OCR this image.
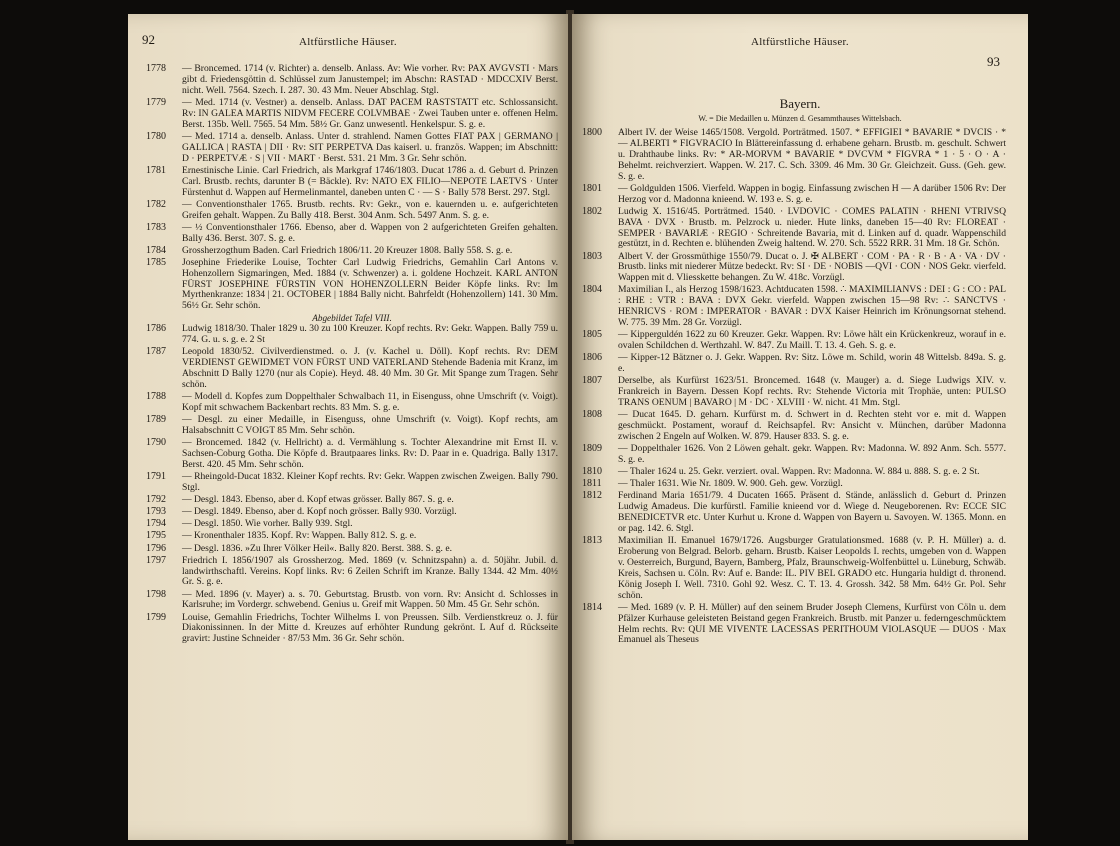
92	Altfürstliche Häuser.
1778	— Broncemed. 1714 (v. Richter) a. denselb. Anlass. Av: Wie vorher. Rv: PAX AVGVSTI · Mars gibt d. Friedensgöttin d. Schlüssel zum Janustempel; im Abschn: RASTAD · MDCCXIV Berst. nicht. Well. 7564. Szech. I. 287. 30. 43 Mm. Neuer Abschlag. Stgl.
1779	— Med. 1714 (v. Vestner) a. denselb. Anlass. DAT PACEM RASTSTATT etc. Schlossansicht. Rv: IN GALEA MARTIS NIDVM FECERE COLVMBAE · Zwei Tauben unter e. offenen Helm. Berst. 135b. Well. 7565. 54 Mm. 58½ Gr. Ganz unwesentl. Henkelspur. S. g. e.
1780	— Med. 1714 a. denselb. Anlass. Unter d. strahlend. Namen Gottes FIAT PAX | GERMANO | GALLICA | RASTA | DII · Rv: SIT PERPETVA Das kaiserl. u. französ. Wappen; im Abschnitt: D · PERPETVÆ · S | VII · MART · Berst. 531. 21 Mm. 3 Gr. Sehr schön.
1781	Ernestinische Linie. Carl Friedrich, als Markgraf 1746/1803. Ducat 1786 a. d. Geburt d. Prinzen Carl. Brustb. rechts, darunter B (= Bäckle). Rv: NATO EX FILIO—NEPOTE LAETVS · Unter Fürstenhut d. Wappen auf Hermelinmantel, daneben unten C · — S · Bally 578 Berst. 297. Stgl.
1782	— Conventionsthaler 1765. Brustb. rechts. Rv: Gekr., von e. kauernden u. e. aufgerichteten Greifen gehalt. Wappen. Zu Bally 418. Berst. 304 Anm. Sch. 5497 Anm. S. g. e.
1783	— ½ Conventionsthaler 1766. Ebenso, aber d. Wappen von 2 aufgerichteten Greifen gehalten. Bally 436. Berst. 307. S. g. e.
1784	Grossherzogthum Baden. Carl Friedrich 1806/11. 20 Kreuzer 1808. Bally 558. S. g. e.
1785	Josephine Friederike Louise, Tochter Carl Ludwig Friedrichs, Gemahlin Carl Antons v. Hohenzollern Sigmaringen, Med. 1884 (v. Schwenzer) a. i. goldene Hochzeit. KARL ANTON FÜRST JOSEPHINE FÜRSTIN VON HOHENZOLLERN Beider Köpfe links. Rv: Im Myrthenkranze: 1834 | 21. OCTOBER | 1884 Bally nicht. Bahrfeldt (Hohenzollern) 141. 30 Mm. 56½ Gr. Sehr schön.
Abgebildet Tafel VIII.
1786	Ludwig 1818/30. Thaler 1829 u. 30 zu 100 Kreuzer. Kopf rechts. Rv: Gekr. Wappen. Bally 759 u. 774. G. u. s. g. e. 2 St
1787	Leopold 1830/52. Civilverdienstmed. o. J. (v. Kachel u. Döll). Kopf rechts. Rv: DEM VERDIENST GEWIDMET VON FÜRST UND VATERLAND Stehende Badenia mit Kranz, im Abschnitt D Bally 1270 (nur als Copie). Heyd. 48. 40 Mm. 30 Gr. Mit Spange zum Tragen. Sehr schön.
1788	— Modell d. Kopfes zum Doppelthaler Schwalbach 11, in Eisenguss, ohne Umschrift (v. Voigt). Kopf mit schwachem Backenbart rechts. 83 Mm. S. g. e.
1789	— Desgl. zu einer Medaille, in Eisenguss, ohne Umschrift (v. Voigt). Kopf rechts, am Halsabschnitt C VOIGT 85 Mm. Sehr schön.
1790	— Broncemed. 1842 (v. Hellricht) a. d. Vermählung s. Tochter Alexandrine mit Ernst II. v. Sachsen-Coburg Gotha. Die Köpfe d. Brautpaares links. Rv: D. Paar in e. Quadriga. Bally 1317. Berst. 420. 45 Mm. Sehr schön.
1791	— Rheingold-Ducat 1832. Kleiner Kopf rechts. Rv: Gekr. Wappen zwischen Zweigen. Bally 790. Stgl.
1792	— Desgl. 1843. Ebenso, aber d. Kopf etwas grösser. Bally 867. S. g. e.
1793	— Desgl. 1849. Ebenso, aber d. Kopf noch grösser. Bally 930. Vorzügl.
1794	— Desgl. 1850. Wie vorher. Bally 939. Stgl.
1795	— Kronenthaler 1835. Kopf. Rv: Wappen. Bally 812. S. g. e.
1796	— Desgl. 1836. »Zu Ihrer Völker Heil«. Bally 820. Berst. 388. S. g. e.
1797	Friedrich I. 1856/1907 als Grossherzog. Med. 1869 (v. Schnitzspahn) a. d. 50jähr. Jubil. d. landwirthschaftl. Vereins. Kopf links. Rv: 6 Zeilen Schrift im Kranze. Bally 1344. 42 Mm. 40½ Gr. S. g. e.
1798	— Med. 1896 (v. Mayer) a. s. 70. Geburtstag. Brustb. von vorn. Rv: Ansicht d. Schlosses in Karlsruhe; im Vordergr. schwebend. Genius u. Greif mit Wappen. 50 Mm. 45 Gr. Sehr schön.
1799	Louise, Gemahlin Friedrichs, Tochter Wilhelms I. von Preussen. Silb. Verdienstkreuz o. J. für Diakonissinnen. In der Mitte d. Kreuzes auf erhöhter Rundung gekrönt. L Auf d. Rückseite gravirt: Justine Schneider · 87/53 Mm. 36 Gr. Sehr schön.
Altfürstliche Häuser.
93
Bayern.
W. = Die Medaillen u. Münzen d. Gesammthauses Wittelsbach.
1800	Albert IV. der Weise 1465/1508. Vergold. Porträtmed. 1507. * EFFIGIEI * BAVARIE * DVCIS · * — ALBERTI * FIGVRACIO In Blättereinfassung d. erhabene geharn. Brustb. m. geschult. Schwert u. Drahthaube links. Rv: * AR-MORVM * BAVARIE * DVCVM * FIGVRA * 1 · 5 · O · A · Behelmt. reichverziert. Wappen. W. 217. C. Sch. 3309. 46 Mm. 30 Gr. Gleichzeit. Guss. (Geh. gew. S. g. e.
1801	— Goldgulden 1506. Vierfeld. Wappen in bogig. Einfassung zwischen H — A darüber 1506 Rv: Der Herzog vor d. Madonna knieend. W. 193 e. S. g. e.
1802	Ludwig X. 1516/45. Porträtmed. 1540. · LVDOVIC · COMES PALATIN · RHENI VTRIVSQ BAVA · DVX · Brustb. m. Pelzrock u. nieder. Hute links, daneben 15—40 Rv: FLOREAT · SEMPER · BAVARIÆ · REGIO · Schreitende Bavaria, mit d. Linken auf d. quadr. Wappenschild gestützt, in d. Rechten e. blühenden Zweig haltend. W. 270. Sch. 5522 RRR. 31 Mm. 18 Gr. Schön.
1803	Albert V. der Grossmüthige 1550/79. Ducat o. J. ✠ ALBERT · COM · PA · R · B · A · VA · DV · Brustb. links mit niederer Mütze bedeckt. Rv: SI · DE · NOBIS —QVI · CON · NOS Gekr. vierfeld. Wappen mit d. Vliesskette behangen. Zu W. 418c. Vorzügl.
1804	Maximilian I., als Herzog 1598/1623. Achtducaten 1598. ∴ MAXIMILIANVS : DEI : G : CO : PAL : RHE : VTR : BAVA : DVX Gekr. vierfeld. Wappen zwischen 15—98 Rv: ∴ SANCTVS · HENRICVS · ROM : IMPERATOR · BAVAR : DVX Kaiser Heinrich im Krönungsornat stehend. W. 775. 39 Mm. 28 Gr. Vorzügl.
1805	— Kipperguldén 1622 zu 60 Kreuzer. Gekr. Wappen. Rv: Löwe hält ein Krückenkreuz, worauf in e. ovalen Schildchen d. Werthzahl. W. 847. Zu Maill. T. 13. 4. Geh. S. g. e.
1806	— Kipper-12 Bätzner o. J. Gekr. Wappen. Rv: Sitz. Löwe m. Schild, worin 48 Wittelsb. 849a. S. g. e.
1807	Derselbe, als Kurfürst 1623/51. Broncemed. 1648 (v. Mauger) a. d. Siege Ludwigs XIV. v. Frankreich in Bayern. Dessen Kopf rechts. Rv: Stehende Victoria mit Trophäe, unten: PULSO TRANS OENUM | BAVARO | M · DC · XLVIII · W. nicht. 41 Mm. Stgl.
1808	— Ducat 1645. D. geharn. Kurfürst m. d. Schwert in d. Rechten steht vor e. mit d. Wappen geschmückt. Postament, worauf d. Reichsapfel. Rv: Ansicht v. München, darüber Madonna zwischen 2 Engeln auf Wolken. W. 879. Hauser 833. S. g. e.
1809	— Doppelthaler 1626. Von 2 Löwen gehalt. gekr. Wappen. Rv: Madonna. W. 892 Anm. Sch. 5577. S. g. e.
1810	— Thaler 1624 u. 25. Gekr. verziert. oval. Wappen. Rv: Madonna. W. 884 u. 888. S. g. e. 2 St.
1811	— Thaler 1631. Wie Nr. 1809. W. 900. Geh. gew. Vorzügl.
1812	Ferdinand Maria 1651/79. 4 Ducaten 1665. Präsent d. Stände, anlässlich d. Geburt d. Prinzen Ludwig Amadeus. Die kurfürstl. Familie knieend vor d. Wiege d. Neugeborenen. Rv: ECCE SIC BENEDICETVR etc. Unter Kurhut u. Krone d. Wappen von Bayern u. Savoyen. W. 1365. Monn. en or pag. 142. 6. Stgl.
1813	Maximilian II. Emanuel 1679/1726. Augsburger Gratulationsmed. 1688 (v. P. H. Müller) a. d. Eroberung von Belgrad. Belorb. geharn. Brustb. Kaiser Leopolds I. rechts, umgeben von d. Wappen v. Oesterreich, Burgund, Bayern, Bamberg, Pfalz, Braunschweig-Wolfenbüttel u. Lüneburg, Schwäb. Kreis, Sachsen u. Cöln. Rv: Auf e. Bande: IL. PIV BEL GRADO etc. Hungaria huldigt d. thronend. König Joseph I. Well. 7310. Gohl 92. Wesz. C. T. 13. 4. Grossh. 342. 58 Mm. 64½ Gr. Pol. Sehr schön.
1814	— Med. 1689 (v. P. H. Müller) auf den seinem Bruder Joseph Clemens, Kurfürst von Cöln u. dem Pfälzer Kurhause geleisteten Beistand gegen Frankreich. Brustb. mit Panzer u. federngeschmücktem Helm rechts. Rv: QUI ME VIVENTE LACESSAS PERITHOUM VIOLASQUE — DUOS · Max Emanuel als Theseus
